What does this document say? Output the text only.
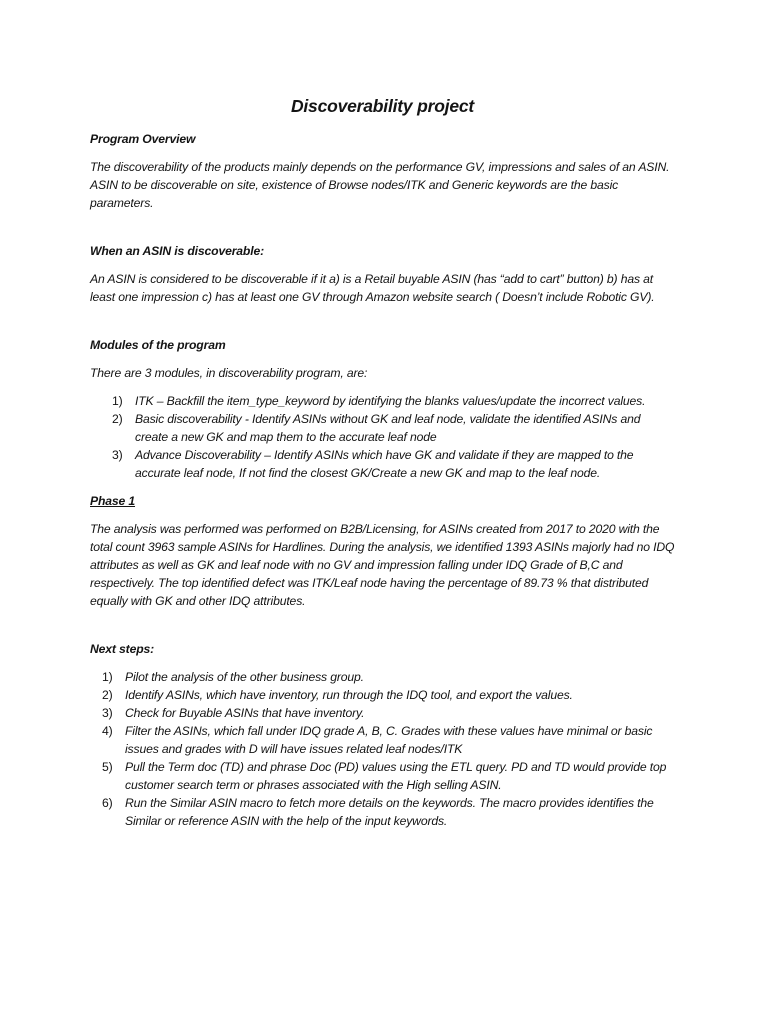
Discoverability project

Program Overview

The discoverability of the products mainly depends on the performance GV, impressions and sales of an ASIN. ASIN to be discoverable on site, existence of Browse nodes/ITK and Generic keywords are the basic parameters.

When an ASIN is discoverable:

An ASIN is considered to be discoverable if it a) is a Retail buyable ASIN (has “add to cart” button) b) has at least one impression c) has at least one GV through Amazon website search ( Doesn’t include Robotic GV).

Modules of the program

There are 3 modules, in discoverability program, are:

1) ITK – Backfill the item_type_keyword by identifying the blanks values/update the incorrect values.
2) Basic discoverability - Identify ASINs without GK and leaf node, validate the identified ASINs and create a new GK and map them to the accurate leaf node
3) Advance Discoverability – Identify ASINs which have GK and validate if they are mapped to the accurate leaf node, If not find the closest GK/Create a new GK and map to the leaf node.

Phase 1

The analysis was performed was performed on B2B/Licensing, for ASINs created from 2017 to 2020 with the total count 3963 sample ASINs for Hardlines. During the analysis, we identified 1393 ASINs majorly had no IDQ attributes as well as GK and leaf node with no GV and impression falling under IDQ Grade of B,C and respectively. The top identified defect was ITK/Leaf node having the percentage of 89.73 % that distributed equally with GK and other IDQ attributes.

Next steps:

1) Pilot the analysis of the other business group.
2) Identify ASINs, which have inventory, run through the IDQ tool, and export the values.
3) Check for Buyable ASINs that have inventory.
4) Filter the ASINs, which fall under IDQ grade A, B, C. Grades with these values have minimal or basic issues and grades with D will have issues related leaf nodes/ITK
5) Pull the Term doc (TD) and phrase Doc (PD) values using the ETL query. PD and TD would provide top customer search term or phrases associated with the High selling ASIN.
6) Run the Similar ASIN macro to fetch more details on the keywords. The macro provides identifies the Similar or reference ASIN with the help of the input keywords.
